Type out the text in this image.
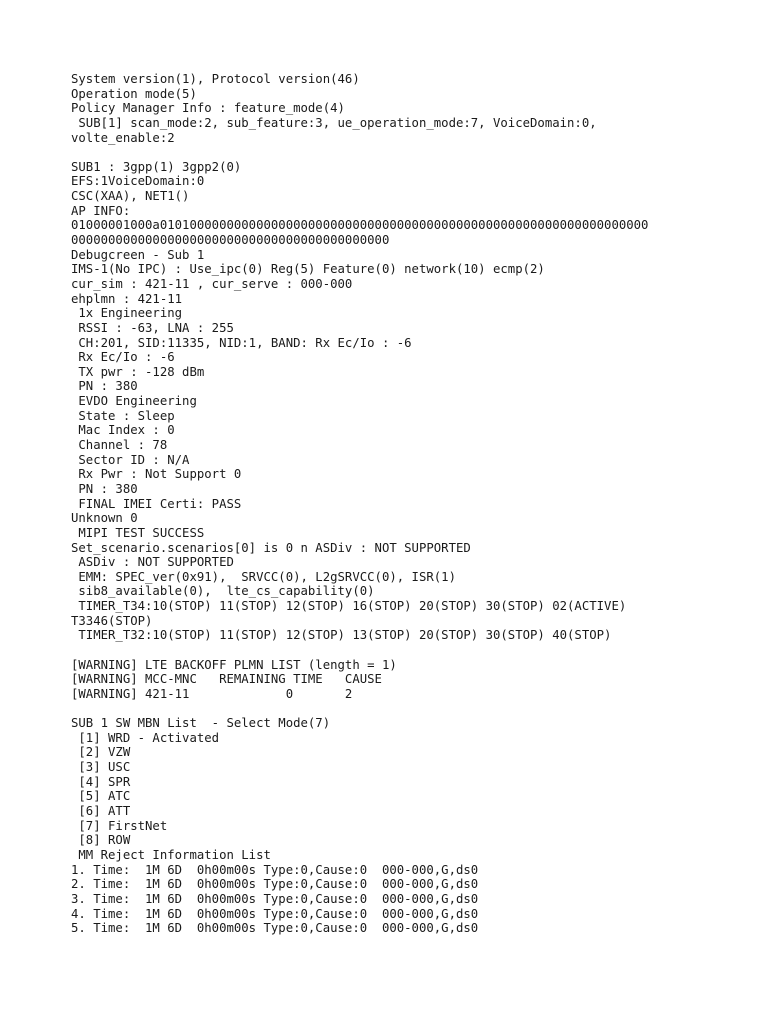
System version(1), Protocol version(46)
Operation mode(5)
Policy Manager Info : feature_mode(4)
SUB[1] scan_mode:2, sub_feature:3, ue_operation_mode:7, VoiceDomain:0,
volte_enable:2
SUB1 : 3gpp(1) 3gpp2(0)
EFS:1VoiceDomain:0
CSC(XAA), NET1()
AP INFO:
01000001000a010100000000000000000000000000000000000000000000000000000000000000
0000000000000000000000000000000000000000000
Debugcreen - Sub 1
IMS-1(No IPC) : Use_ipc(0) Reg(5) Feature(0) network(10) ecmp(2)
cur_sim : 421-11 , cur_serve : 000-000
ehplmn : 421-11
1x Engineering
RSSI : -63, LNA : 255
CH:201, SID:11335, NID:1, BAND: Rx Ec/Io : -6
Rx Ec/Io : -6
TX pwr : -128 dBm
PN : 380
EVDO Engineering
State : Sleep
Mac Index : 0
Channel : 78
Sector ID : N/A
Rx Pwr : Not Support 0
PN : 380
FINAL IMEI Certi: PASS
Unknown 0
MIPI TEST SUCCESS
Set_scenario.scenarios[0] is 0 n ASDiv : NOT SUPPORTED
ASDiv : NOT SUPPORTED
EMM: SPEC_ver(0x91),  SRVCC(0), L2gSRVCC(0), ISR(1)
sib8_available(0),  lte_cs_capability(0)
TIMER_T34:10(STOP) 11(STOP) 12(STOP) 16(STOP) 20(STOP) 30(STOP) 02(ACTIVE)
T3346(STOP)
TIMER_T32:10(STOP) 11(STOP) 12(STOP) 13(STOP) 20(STOP) 30(STOP) 40(STOP)
[WARNING] LTE BACKOFF PLMN LIST (length = 1)
[WARNING] MCC-MNC   REMAINING TIME   CAUSE
[WARNING] 421-11             0       2
SUB 1 SW MBN List  - Select Mode(7)
[1] WRD - Activated
[2] VZW
[3] USC
[4] SPR
[5] ATC
[6] ATT
[7] FirstNet
[8] ROW
MM Reject Information List
1. Time:  1M 6D  0h00m00s Type:0,Cause:0  000-000,G,ds0
2. Time:  1M 6D  0h00m00s Type:0,Cause:0  000-000,G,ds0
3. Time:  1M 6D  0h00m00s Type:0,Cause:0  000-000,G,ds0
4. Time:  1M 6D  0h00m00s Type:0,Cause:0  000-000,G,ds0
5. Time:  1M 6D  0h00m00s Type:0,Cause:0  000-000,G,ds0
